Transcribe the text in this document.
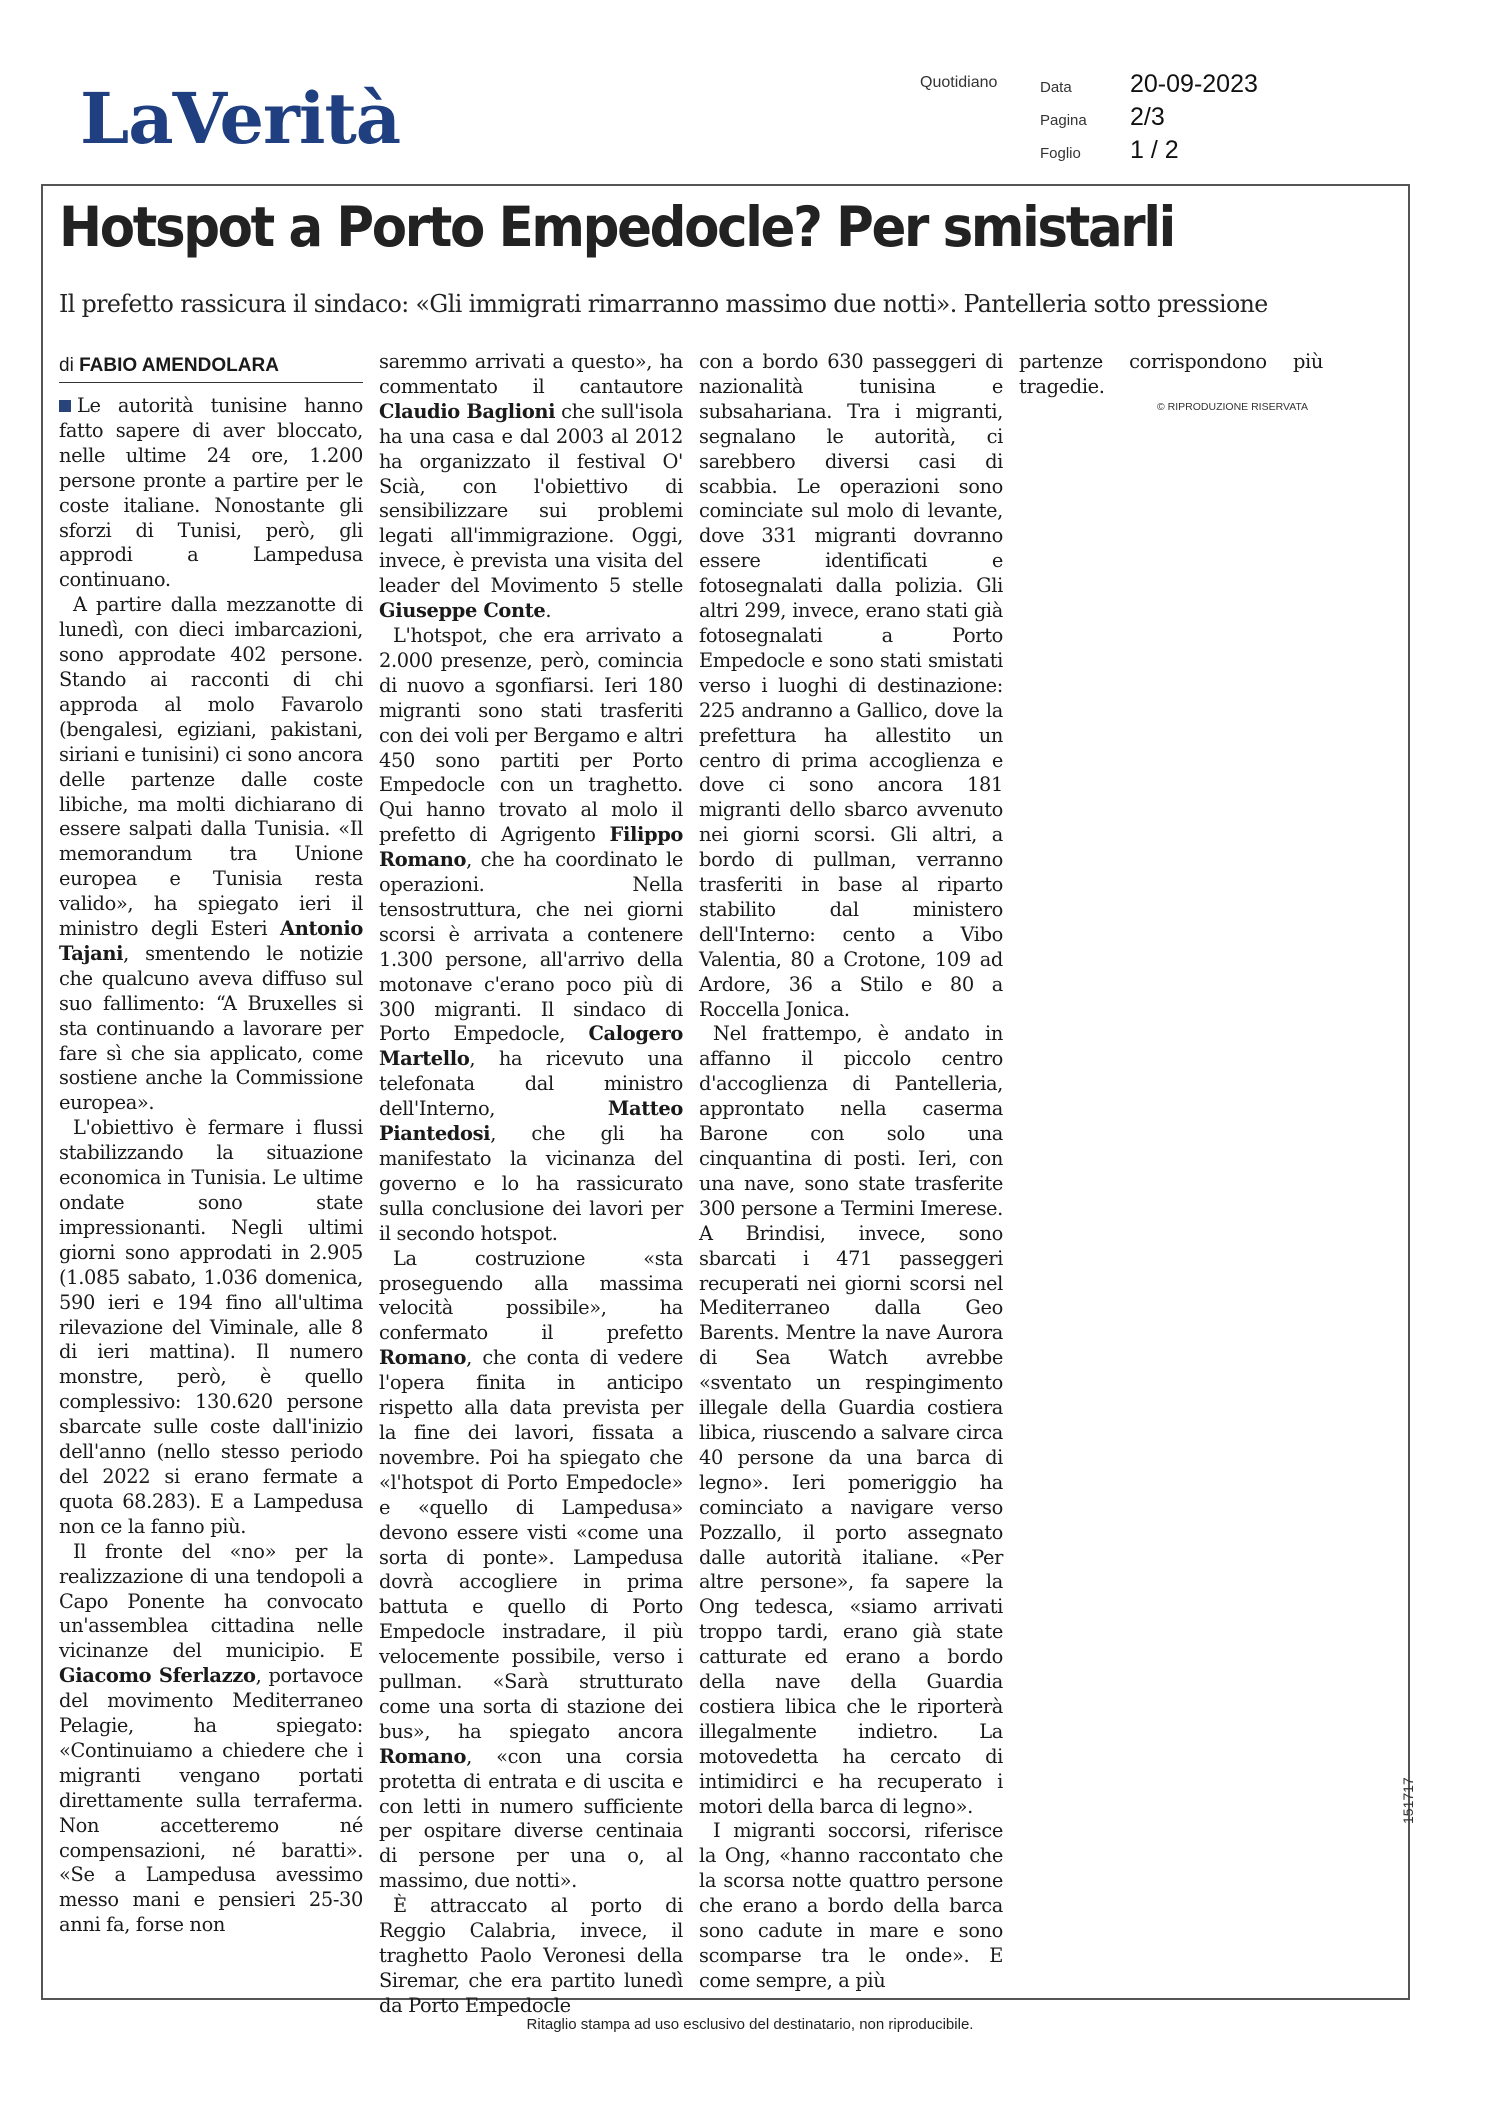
LaVerità	Quotidiano	Data	20-09-2023
Pagina	2/3
Foglio	1 / 2
Hotspot a Porto Empedocle? Per smistarli
Il prefetto rassicura il sindaco: «Gli immigrati rimarranno massimo due notti». Pantelleria sotto pressione
di FABIO AMENDOLARA

Le autorità tunisine hanno fatto sapere di aver bloccato, nelle ultime 24 ore, 1.200 persone pronte a partire per le coste italiane. Nonostante gli sforzi di Tunisi, però, gli approdi a Lampedusa continuano.

A partire dalla mezzanotte di lunedì, con dieci imbarcazioni, sono approdate 402 persone. Stando ai racconti di chi approda al molo Favarolo (bengalesi, egiziani, pakistani, siriani e tunisini) ci sono ancora delle partenze dalle coste libiche, ma molti dichiarano di essere salpati dalla Tunisia. «Il memorandum tra Unione europea e Tunisia resta valido», ha spiegato ieri il ministro degli Esteri Antonio Tajani, smentendo le notizie che qualcuno aveva diffuso sul suo fallimento: “A Bruxelles si sta continuando a lavorare per fare sì che sia applicato, come sostiene anche la Commissione europea».

L'obiettivo è fermare i flussi stabilizzando la situazione economica in Tunisia. Le ultime ondate sono state impressionanti. Negli ultimi giorni sono approdati in 2.905 (1.085 sabato, 1.036 domenica, 590 ieri e 194 fino all'ultima rilevazione del Viminale, alle 8 di ieri mattina). Il numero monstre, però, è quello complessivo: 130.620 persone sbarcate sulle coste dall'inizio dell'anno (nello stesso periodo del 2022 si erano fermate a quota 68.283). E a Lampedusa non ce la fanno più.

Il fronte del «no» per la realizzazione di una tendopoli a Capo Ponente ha convocato un'assemblea cittadina nelle vicinanze del municipio. E Giacomo Sferlazzo, portavoce del movimento Mediterraneo Pelagie, ha spiegato: «Continuiamo a chiedere che i migranti vengano portati direttamente sulla terraferma. Non accetteremo né compensazioni, né baratti». «Se a Lampedusa avessimo messo mani e pensieri 25-30 anni fa, forse non

saremmo arrivati a questo», ha commentato il cantautore Claudio Baglioni che sull'isola ha una casa e dal 2003 al 2012 ha organizzato il festival O' Scià, con l'obiettivo di sensibilizzare sui problemi legati all'immigrazione. Oggi, invece, è prevista una visita del leader del Movimento 5 stelle Giuseppe Conte.

L'hotspot, che era arrivato a 2.000 presenze, però, comincia di nuovo a sgonfiarsi. Ieri 180 migranti sono stati trasferiti con dei voli per Bergamo e altri 450 sono partiti per Porto Empedocle con un traghetto. Qui hanno trovato al molo il prefetto di Agrigento Filippo Romano, che ha coordinato le operazioni. Nella tensostruttura, che nei giorni scorsi è arrivata a contenere 1.300 persone, all'arrivo della motonave c'erano poco più di 300 migranti. Il sindaco di Porto Empedocle, Calogero Martello, ha ricevuto una telefonata dal ministro dell'Interno,	Matteo Piantedosi, che gli ha manifestato la vicinanza del governo e lo ha rassicurato sulla conclusione dei lavori per il secondo hotspot.

La costruzione «sta proseguendo alla massima velocità possibile», ha confermato il prefetto Romano, che conta di vedere l'opera finita in anticipo rispetto alla data prevista per la fine dei lavori, fissata a novembre. Poi ha spiegato che «l'hotspot di Porto Empedocle» e «quello di Lampedusa» devono essere visti «come una sorta di ponte». Lampedusa dovrà accogliere in prima battuta e quello di Porto Empedocle instradare, il più velocemente possibile, verso i pullman. «Sarà strutturato come una sorta di stazione dei bus», ha spiegato ancora Romano, «con una corsia protetta di entrata e di uscita e con letti in numero sufficiente per ospitare diverse centinaia di persone per una o, al massimo, due notti».

È attraccato al porto di Reggio Calabria, invece, il traghetto Paolo Veronesi della Siremar, che era partito lunedì da Porto Empedocle

con a bordo 630 passeggeri di nazionalità tunisina e subsahariana. Tra i migranti, segnalano le autorità, ci sarebbero diversi casi di scabbia. Le operazioni sono cominciate sul molo di levante, dove 331 migranti dovranno essere identificati e fotosegnalati dalla polizia. Gli altri 299, invece, erano stati già fotosegnalati a Porto Empedocle e sono stati smistati verso i luoghi di destinazione: 225 andranno a Gallico, dove la prefettura ha allestito un centro di prima accoglienza e dove ci sono ancora 181 migranti dello sbarco avvenuto nei giorni scorsi. Gli altri, a bordo di pullman, verranno trasferiti in base al riparto stabilito dal ministero dell'Interno: cento a Vibo Valentia, 80 a Crotone, 109 ad Ardore, 36 a Stilo e 80 a Roccella Jonica.

Nel frattempo, è andato in affanno il piccolo centro d'accoglienza di Pantelleria, approntato nella caserma Barone con solo una cinquantina di posti. Ieri, con una nave, sono state trasferite 300 persone a Termini Imerese. A Brindisi, invece, sono sbarcati i 471 passeggeri recuperati nei giorni scorsi nel Mediterraneo dalla Geo Barents. Mentre la nave Aurora di Sea Watch avrebbe «sventato un respingimento illegale della Guardia costiera libica, riuscendo a salvare circa 40 persone da una barca di legno». Ieri pomeriggio ha cominciato a navigare verso Pozzallo, il porto assegnato dalle autorità italiane. «Per altre persone», fa sapere la Ong tedesca, «siamo arrivati troppo tardi, erano già state catturate ed erano a bordo della nave della Guardia costiera libica che le riporterà illegalmente indietro. La motovedetta ha cercato di intimidirci e ha recuperato i motori della barca di legno».

I migranti soccorsi, riferisce la Ong, «hanno raccontato che la scorsa notte quattro persone che erano a bordo della barca sono cadute in mare e sono scomparse tra le onde». E come sempre, a più

partenze corrispondono più tragedie.

© RIPRODUZIONE RISERVATA
151717
Ritaglio stampa ad uso esclusivo del destinatario, non riproducibile.
